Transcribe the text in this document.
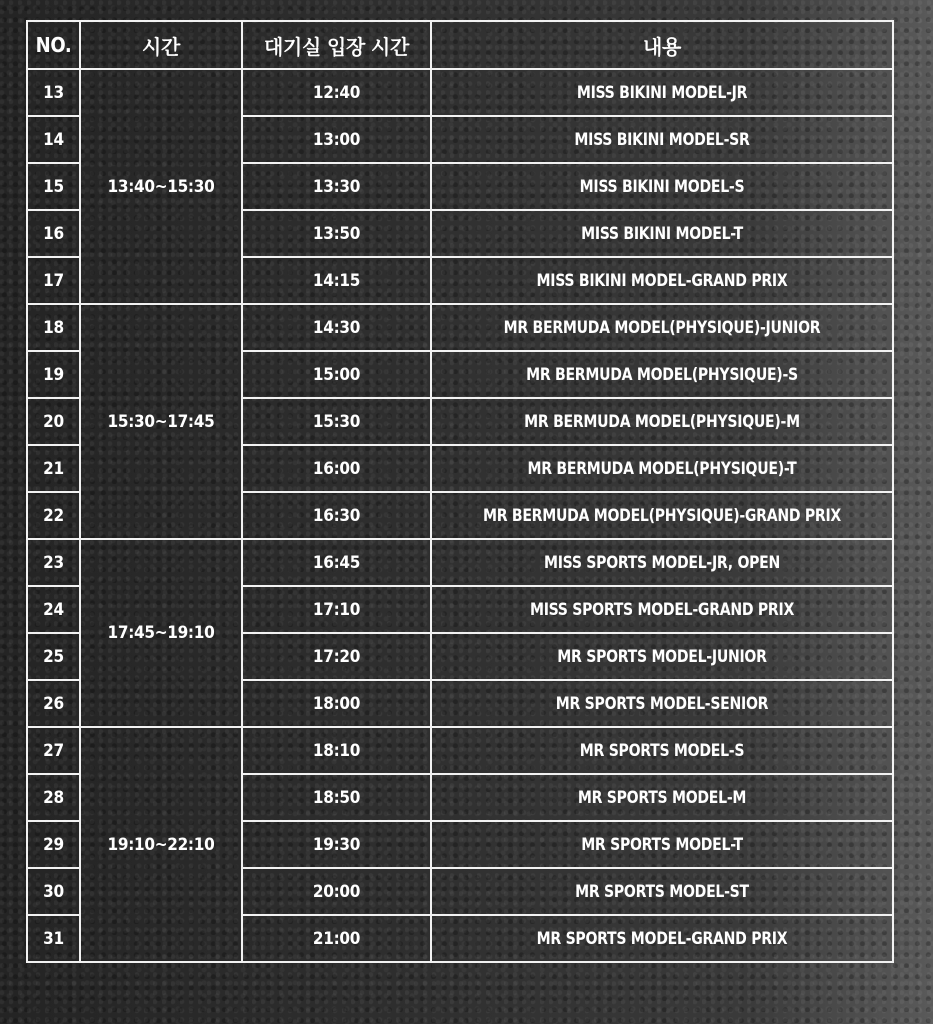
NO.	시간	대기실 입장 시간	내용
13	13:40~15:30	12:40	MISS BIKINI MODEL-JR
14		13:00	MISS BIKINI MODEL-SR
15		13:30	MISS BIKINI MODEL-S
16		13:50	MISS BIKINI MODEL-T
17		14:15	MISS BIKINI MODEL-GRAND PRIX
18	15:30~17:45	14:30	MR BERMUDA MODEL(PHYSIQUE)-JUNIOR
19		15:00	MR BERMUDA MODEL(PHYSIQUE)-S
20		15:30	MR BERMUDA MODEL(PHYSIQUE)-M
21		16:00	MR BERMUDA MODEL(PHYSIQUE)-T
22		16:30	MR BERMUDA MODEL(PHYSIQUE)-GRAND PRIX
23	17:45~19:10	16:45	MISS SPORTS MODEL-JR, OPEN
24		17:10	MISS SPORTS MODEL-GRAND PRIX
25		17:20	MR SPORTS MODEL-JUNIOR
26		18:00	MR SPORTS MODEL-SENIOR
27	19:10~22:10	18:10	MR SPORTS MODEL-S
28		18:50	MR SPORTS MODEL-M
29		19:30	MR SPORTS MODEL-T
30		20:00	MR SPORTS MODEL-ST
31		21:00	MR SPORTS MODEL-GRAND PRIX
